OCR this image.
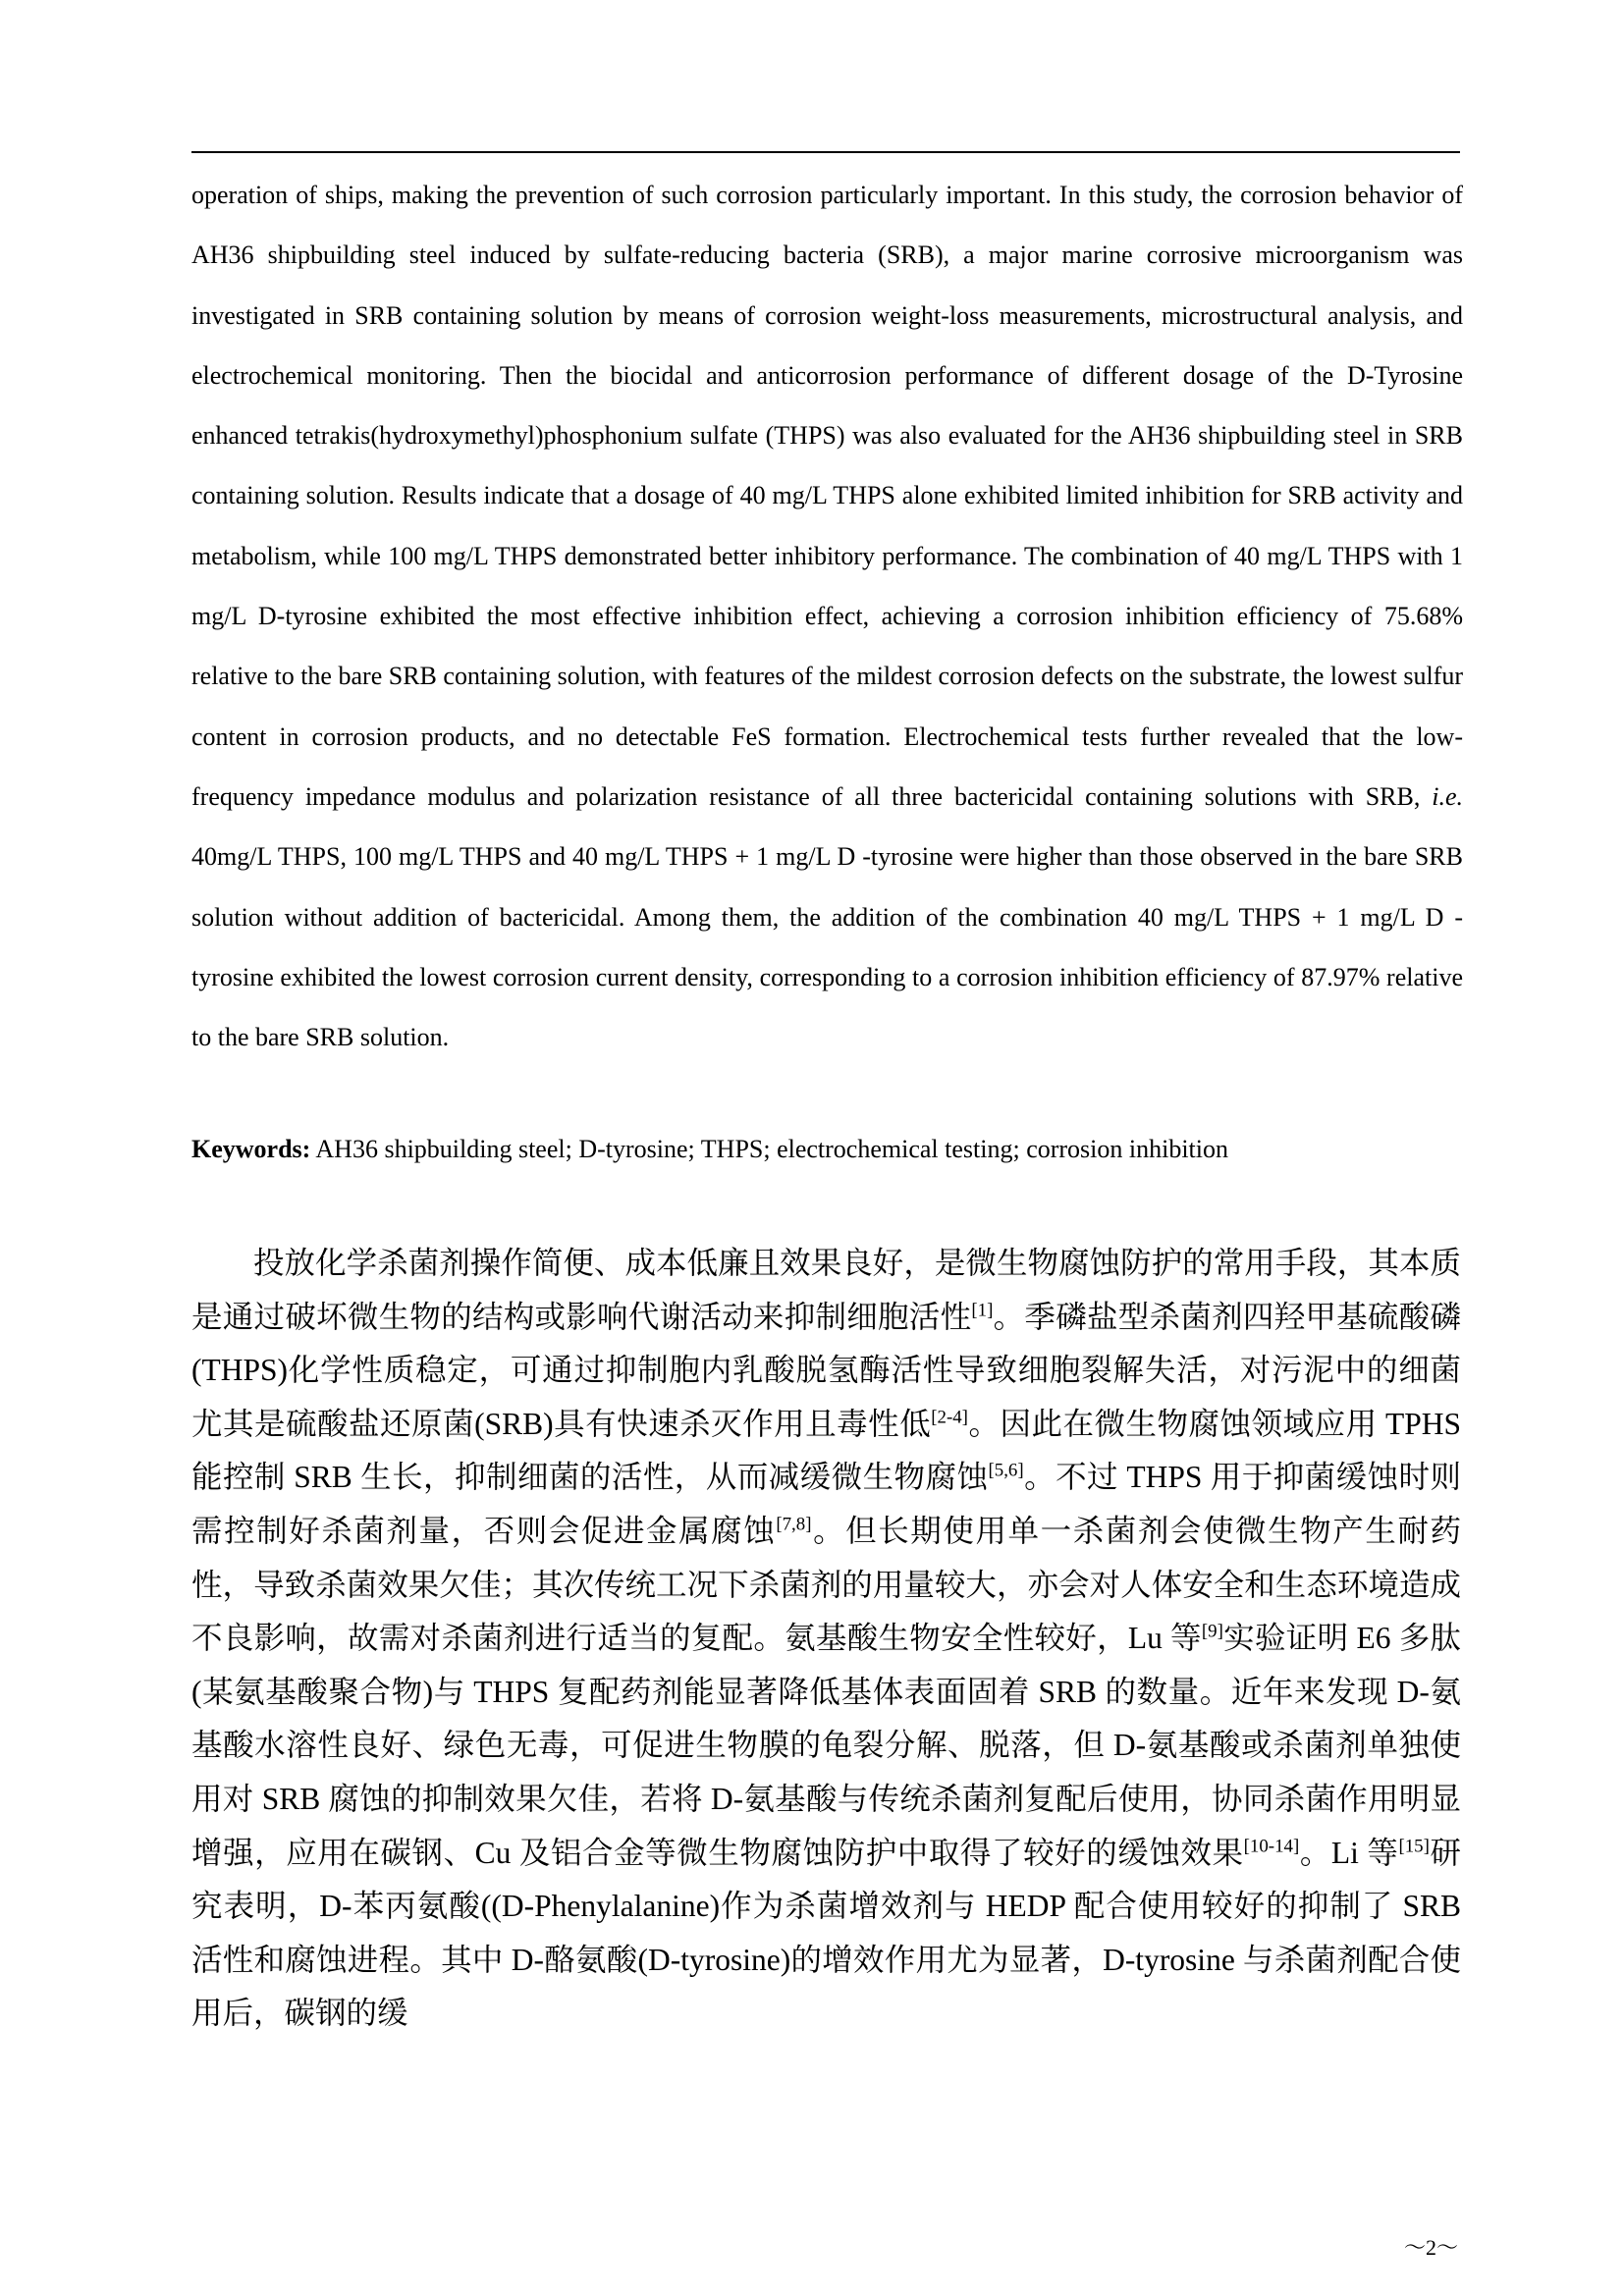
operation of ships, making the prevention of such corrosion particularly important. In this study, the corrosion behavior of AH36 shipbuilding steel induced by sulfate-reducing bacteria (SRB), a major marine corrosive microorganism was investigated in SRB containing solution by means of corrosion weight-loss measurements, microstructural analysis, and electrochemical monitoring. Then the biocidal and anticorrosion performance of different dosage of the D-Tyrosine enhanced tetrakis(hydroxymethyl)phosphonium sulfate (THPS) was also evaluated for the AH36 shipbuilding steel in SRB containing solution. Results indicate that a dosage of 40 mg/L THPS alone exhibited limited inhibition for SRB activity and metabolism, while 100 mg/L THPS demonstrated better inhibitory performance. The combination of 40 mg/L THPS with 1 mg/L D-tyrosine exhibited the most effective inhibition effect, achieving a corrosion inhibition efficiency of 75.68% relative to the bare SRB containing solution, with features of the mildest corrosion defects on the substrate, the lowest sulfur content in corrosion products, and no detectable FeS formation. Electrochemical tests further revealed that the low-frequency impedance modulus and polarization resistance of all three bactericidal containing solutions with SRB, i.e. 40mg/L THPS, 100 mg/L THPS and 40 mg/L THPS + 1 mg/L D -tyrosine were higher than those observed in the bare SRB solution without addition of bactericidal. Among them, the addition of the combination 40 mg/L THPS + 1 mg/L D -tyrosine exhibited the lowest corrosion current density, corresponding to a corrosion inhibition efficiency of 87.97% relative to the bare SRB solution.

Keywords: AH36 shipbuilding steel; D-tyrosine; THPS; electrochemical testing; corrosion inhibition

投放化学杀菌剂操作简便、成本低廉且效果良好，是微生物腐蚀防护的常用手段，其本质是通过破坏微生物的结构或影响代谢活动来抑制细胞活性[1]。季磷盐型杀菌剂四羟甲基硫酸磷(THPS)化学性质稳定，可通过抑制胞内乳酸脱氢酶活性导致细胞裂解失活，对污泥中的细菌尤其是硫酸盐还原菌(SRB)具有快速杀灭作用且毒性低[2-4]。因此在微生物腐蚀领域应用 TPHS 能控制 SRB 生长，抑制细菌的活性，从而减缓微生物腐蚀[5,6]。不过 THPS 用于抑菌缓蚀时则需控制好杀菌剂量，否则会促进金属腐蚀[7,8]。但长期使用单一杀菌剂会使微生物产生耐药性，导致杀菌效果欠佳；其次传统工况下杀菌剂的用量较大，亦会对人体安全和生态环境造成不良影响，故需对杀菌剂进行适当的复配。氨基酸生物安全性较好，Lu 等[9]实验证明 E6 多肽(某氨基酸聚合物)与 THPS 复配药剂能显著降低基体表面固着 SRB 的数量。近年来发现 D-氨基酸水溶性良好、绿色无毒，可促进生物膜的龟裂分解、脱落，但 D-氨基酸或杀菌剂单独使用对 SRB 腐蚀的抑制效果欠佳，若将 D-氨基酸与传统杀菌剂复配后使用，协同杀菌作用明显增强，应用在碳钢、Cu 及铝合金等微生物腐蚀防护中取得了较好的缓蚀效果[10-14]。Li 等[15]研究表明，D-苯丙氨酸((D-Phenylalanine)作为杀菌增效剂与 HEDP 配合使用较好的抑制了 SRB 活性和腐蚀进程。其中 D-酪氨酸(D-tyrosine)的增效作用尤为显著，D-tyrosine 与杀菌剂配合使用后，碳钢的缓

～2～
